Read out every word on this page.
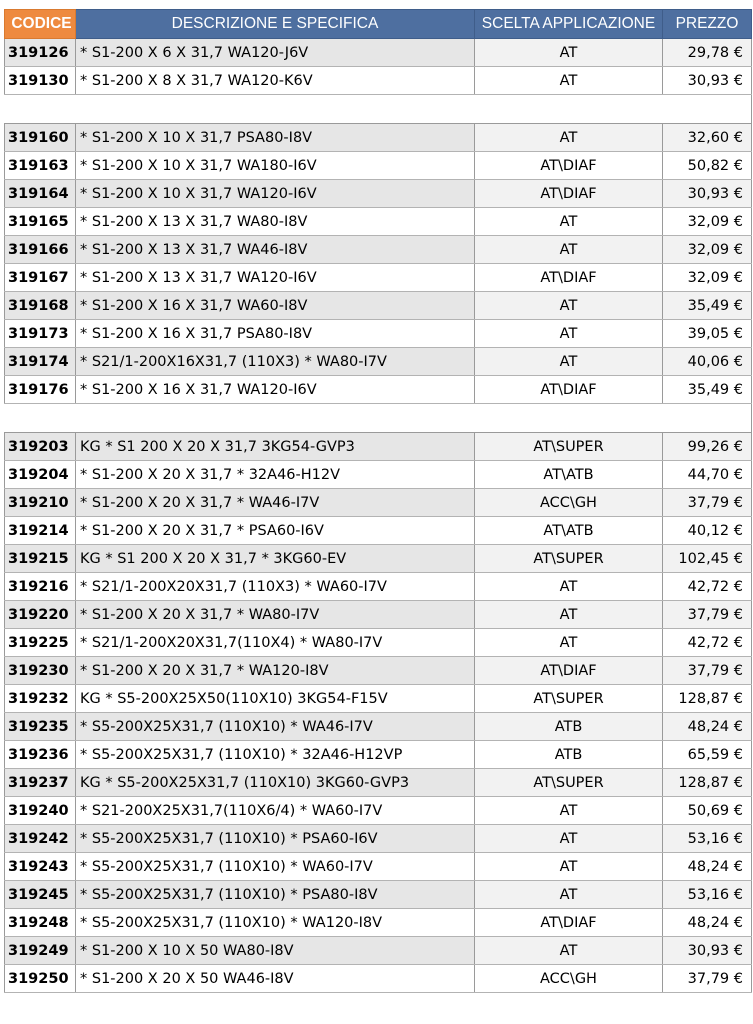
CODICE	DESCRIZIONE E SPECIFICA	SCELTA APPLICAZIONE	PREZZO
319126	* S1-200 X 6 X 31,7 WA120-J6V	AT	29,78 €
319130	* S1-200 X 8 X 31,7 WA120-K6V	AT	30,93 €

319160	* S1-200 X 10 X 31,7 PSA80-I8V	AT	32,60 €
319163	* S1-200 X 10 X 31,7 WA180-I6V	AT\DIAF	50,82 €
319164	* S1-200 X 10 X 31,7 WA120-I6V	AT\DIAF	30,93 €
319165	* S1-200 X 13 X 31,7 WA80-I8V	AT	32,09 €
319166	* S1-200 X 13 X 31,7 WA46-I8V	AT	32,09 €
319167	* S1-200 X 13 X 31,7 WA120-I6V	AT\DIAF	32,09 €
319168	* S1-200 X 16 X 31,7 WA60-I8V	AT	35,49 €
319173	* S1-200 X 16 X 31,7 PSA80-I8V	AT	39,05 €
319174	* S21/1-200X16X31,7 (110X3) * WA80-I7V	AT	40,06 €
319176	* S1-200 X 16 X 31,7 WA120-I6V	AT\DIAF	35,49 €

319203	KG * S1 200 X 20 X 31,7 3KG54-GVP3	AT\SUPER	99,26 €
319204	* S1-200 X 20 X 31,7 * 32A46-H12V	AT\ATB	44,70 €
319210	* S1-200 X 20 X 31,7 * WA46-I7V	ACC\GH	37,79 €
319214	* S1-200 X 20 X 31,7 * PSA60-I6V	AT\ATB	40,12 €
319215	KG * S1 200 X 20 X 31,7 * 3KG60-EV	AT\SUPER	102,45 €
319216	* S21/1-200X20X31,7 (110X3) * WA60-I7V	AT	42,72 €
319220	* S1-200 X 20 X 31,7 * WA80-I7V	AT	37,79 €
319225	* S21/1-200X20X31,7(110X4) * WA80-I7V	AT	42,72 €
319230	* S1-200 X 20 X 31,7 * WA120-I8V	AT\DIAF	37,79 €
319232	KG * S5-200X25X50(110X10) 3KG54-F15V	AT\SUPER	128,87 €
319235	* S5-200X25X31,7 (110X10) * WA46-I7V	ATB	48,24 €
319236	* S5-200X25X31,7 (110X10) * 32A46-H12VP	ATB	65,59 €
319237	KG * S5-200X25X31,7 (110X10) 3KG60-GVP3	AT\SUPER	128,87 €
319240	* S21-200X25X31,7(110X6/4) * WA60-I7V	AT	50,69 €
319242	* S5-200X25X31,7 (110X10) * PSA60-I6V	AT	53,16 €
319243	* S5-200X25X31,7 (110X10) * WA60-I7V	AT	48,24 €
319245	* S5-200X25X31,7 (110X10) * PSA80-I8V	AT	53,16 €
319248	* S5-200X25X31,7 (110X10) * WA120-I8V	AT\DIAF	48,24 €
319249	* S1-200 X 10 X 50 WA80-I8V	AT	30,93 €
319250	* S1-200 X 20 X 50 WA46-I8V	ACC\GH	37,79 €
